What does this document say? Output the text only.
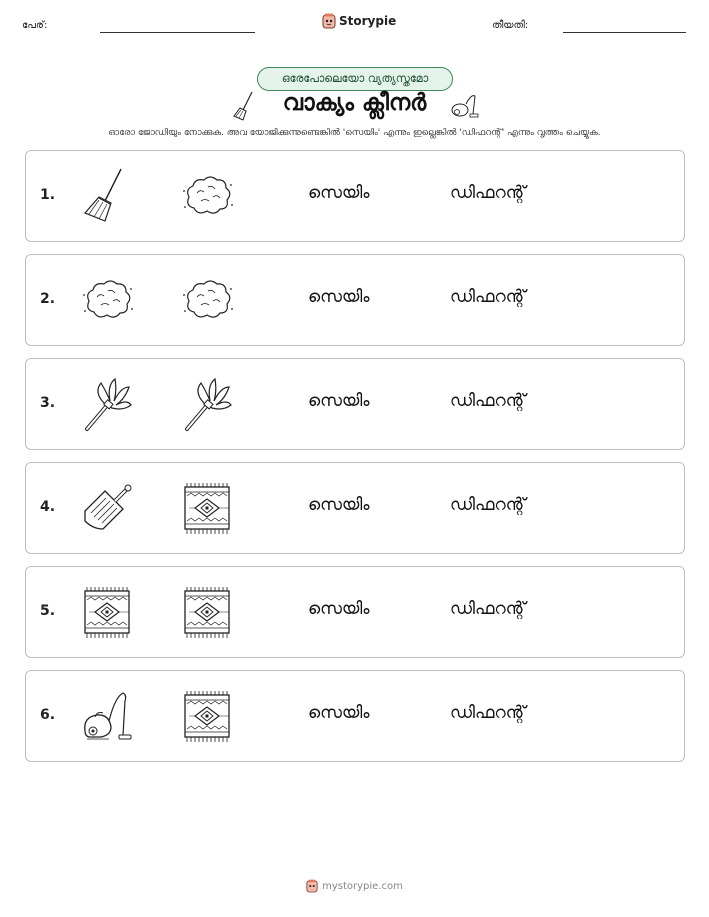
പേര്:	Storypie	തീയതി:
ഒരേപോലെയോ വ്യത്യസ്തമോ
വാക്യം ക്ലീനർ
ഓരോ ജോഡിയും നോക്കുക. അവ യോജിക്കുന്നുണ്ടെങ്കിൽ 'സെയിം' എന്നും ഇല്ലെങ്കിൽ 'ഡിഫറന്റ്' എന്നും വൃത്തം ചെയ്യുക.
1.	സെയിം	ഡിഫറന്റ്
2.	സെയിം	ഡിഫറന്റ്
3.	സെയിം	ഡിഫറന്റ്
4.	സെയിം	ഡിഫറന്റ്
5.	സെയിം	ഡിഫറന്റ്
6.	സെയിം	ഡിഫറന്റ്
mystorypie.com
